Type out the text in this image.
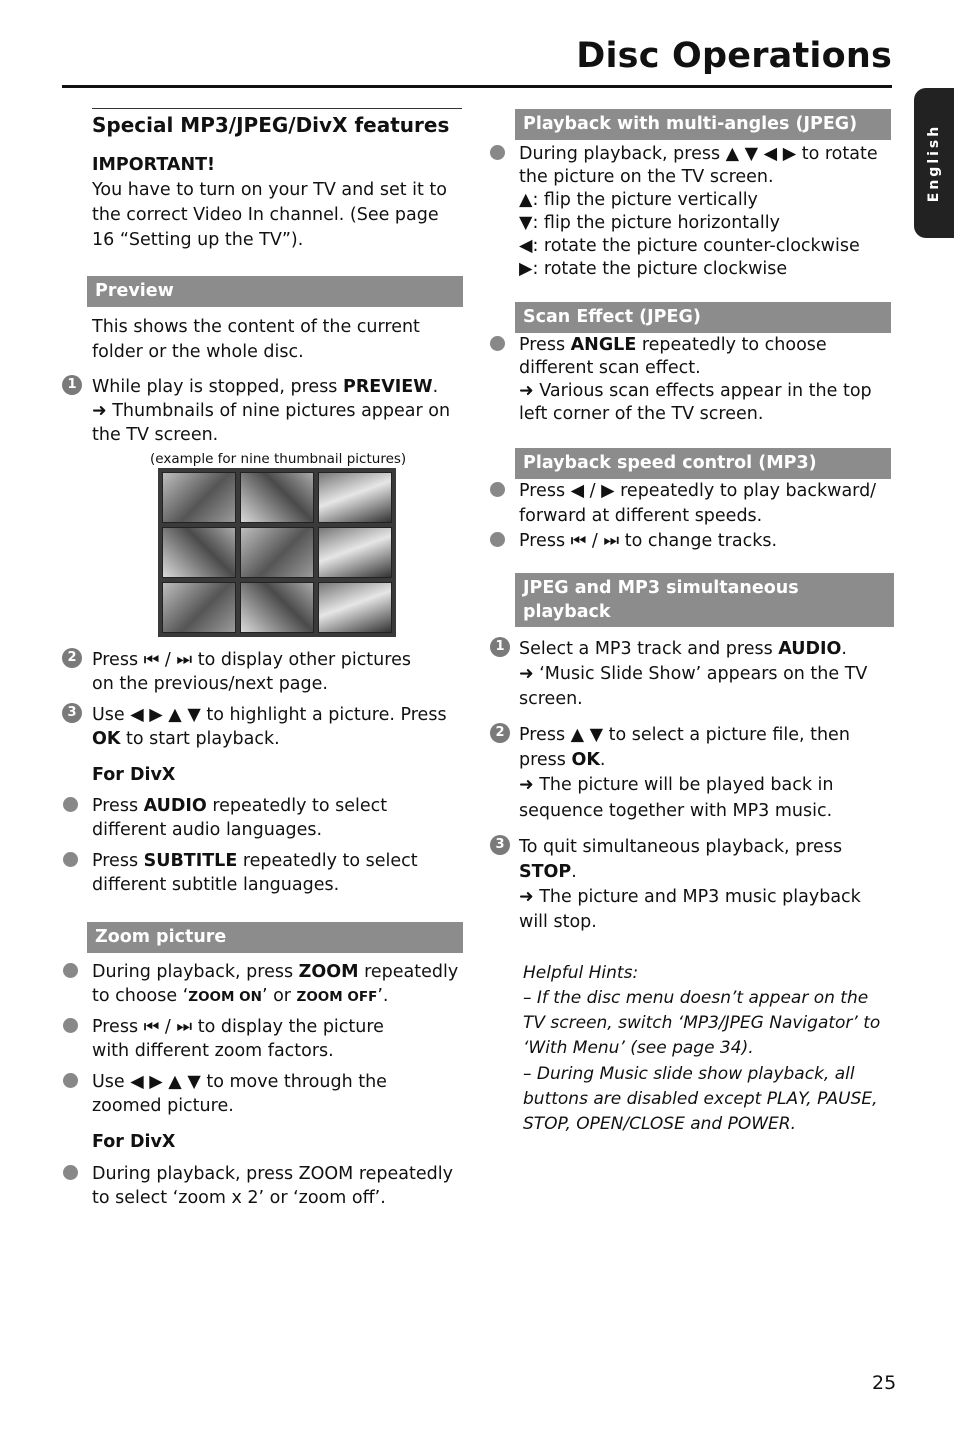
Disc Operations
English
Special MP3/JPEG/DivX features

IMPORTANT!

You have to turn on your TV and set it to

the correct Video In channel. (See page

16 “Setting up the TV”).

Preview

This shows the content of the current

folder or the whole disc.

1 While play is stopped, press PREVIEW.

➜ Thumbnails of nine pictures appear on

the TV screen.

(example for nine thumbnail pictures)
2 Press ⏮ / ⏭ to display other pictures

on the previous/next page.

3 Use ◀ ▶ ▲ ▼ to highlight a picture. Press

OK to start playback.

For DivX

Press AUDIO repeatedly to select

different audio languages.

Press SUBTITLE repeatedly to select

different subtitle languages.

Zoom picture

During playback, press ZOOM repeatedly

to choose ‘ZOOM ON’ or ZOOM OFF’.

Press ⏮ / ⏭ to display the picture

with different zoom factors.

Use ◀ ▶ ▲ ▼ to move through the

zoomed picture.

For DivX

During playback, press ZOOM repeatedly

to select ‘zoom x 2’ or ‘zoom off’.

Playback with multi-angles (JPEG)

During playback, press ▲ ▼ ◀ ▶ to rotate

the picture on the TV screen.

▲: flip the picture vertically

▼: flip the picture horizontally

◀: rotate the picture counter-clockwise

▶: rotate the picture clockwise

Scan Effect (JPEG)

Press ANGLE repeatedly to choose

different scan effect.

➜ Various scan effects appear in the top

left corner of the TV screen.

Playback speed control (MP3)

Press ◀ / ▶ repeatedly to play backward/

forward at different speeds.

Press ⏮ / ⏭ to change tracks.

JPEG and MP3 simultaneous
playback
1 Select a MP3 track and press AUDIO.

➜ ‘Music Slide Show’ appears on the TV

screen.

2 Press ▲ ▼ to select a picture file, then

press OK.

➜ The picture will be played back in

sequence together with MP3 music.

3 To quit simultaneous playback, press

STOP.

➜ The picture and MP3 music playback

will stop.

Helpful Hints:

– If the disc menu doesn’t appear on the

TV screen, switch ‘MP3/JPEG Navigator’ to

‘With Menu’ (see page 34).

– During Music slide show playback, all

buttons are disabled except PLAY, PAUSE,

STOP, OPEN/CLOSE and POWER.

25
